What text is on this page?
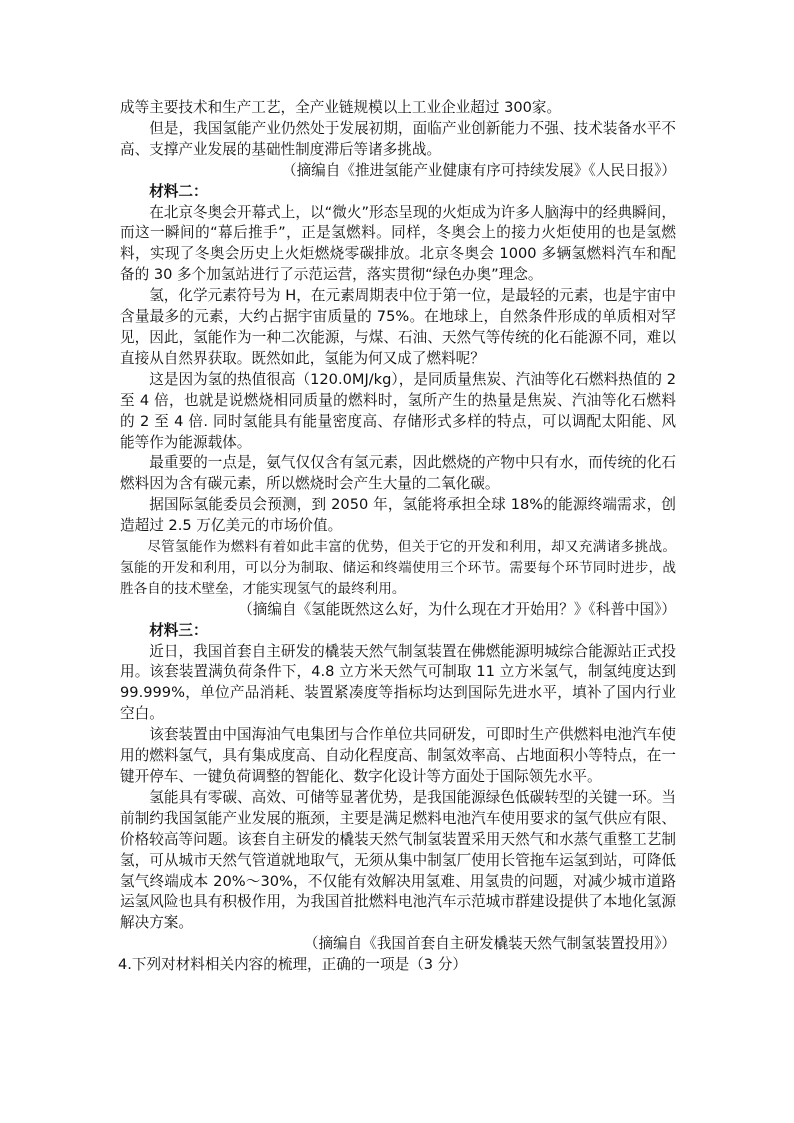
成等主要技术和生产工艺，全产业链规模以上工业企业超过 300家。

但是，我国氢能产业仍然处于发展初期，面临产业创新能力不强、技术装备水平不高、支撑产业发展的基础性制度滞后等诸多挑战。

（摘编自《推进氢能产业健康有序可持续发展》《人民日报》）

材料二：

在北京冬奥会开幕式上，以“微火”形态呈现的火炬成为许多人脑海中的经典瞬间，而这一瞬间的“幕后推手”，正是氢燃料。同样，冬奥会上的接力火炬使用的也是氢燃料，实现了冬奥会历史上火炬燃烧零碳排放。北京冬奥会 1000 多辆氢燃料汽车和配备的 30 多个加氢站进行了示范运营，落实贯彻“绿色办奥”理念。

氢，化学元素符号为 H，在元素周期表中位于第一位，是最轻的元素，也是宇宙中含量最多的元素，大约占据宇宙质量的 75%。在地球上，自然条件形成的单质相对罕见，因此，氢能作为一种二次能源，与煤、石油、天然气等传统的化石能源不同，难以直接从自然界获取。既然如此，氢能为何又成了燃料呢？

这是因为氢的热值很高（120.0MJ/kg），是同质量焦炭、汽油等化石燃料热值的 2 至 4 倍，也就是说燃烧相同质量的燃料时，氢所产生的热量是焦炭、汽油等化石燃料的 2 至 4 倍. 同时氢能具有能量密度高、存储形式多样的特点，可以调配太阳能、风能等作为能源载体。

最重要的一点是，氨气仅仅含有氢元素，因此燃烧的产物中只有水，而传统的化石燃料因为含有碳元素，所以燃烧时会产生大量的二氧化碳。

据国际氢能委员会预测，到 2050 年，氢能将承担全球 18%的能源终端需求，创造超过 2.5 万亿美元的市场价值。

尽管氢能作为燃料有着如此丰富的优势，但关于它的开发和利用，却又充满诸多挑战。氢能的开发和利用，可以分为制取、储运和终端使用三个环节。需要每个环节同时进步，战胜各自的技术壁垒，才能实现氢气的最终利用。

（摘编自《氢能既然这么好，为什么现在才开始用？》《科普中国》）

材料三：

近日，我国首套自主研发的橇装天然气制氢装置在佛燃能源明城综合能源站正式投用。该套装置满负荷条件下，4.8 立方米天然气可制取 11 立方米氢气，制氢纯度达到 99.999%，单位产品消耗、装置紧凑度等指标均达到国际先进水平，填补了国内行业空白。

该套装置由中国海油气电集团与合作单位共同研发，可即时生产供燃料电池汽车使用的燃料氢气，具有集成度高、自动化程度高、制氢效率高、占地面积小等特点，在一键开停车、一键负荷调整的智能化、数字化设计等方面处于国际领先水平。

氢能具有零碳、高效、可储等显著优势，是我国能源绿色低碳转型的关键一环。当前制约我国氢能产业发展的瓶颈，主要是满足燃料电池汽车使用要求的氢气供应有限、价格较高等问题。该套自主研发的橇装天然气制氢装置采用天然气和水蒸气重整工艺制氢，可从城市天然气管道就地取气，无须从集中制氢厂使用长管拖车运氢到站，可降低氢气终端成本 20%～30%，不仅能有效解决用氢难、用氢贵的问题，对减少城市道路运氢风险也具有积极作用，为我国首批燃料电池汽车示范城市群建设提供了本地化氢源解决方案。

（摘编自《我国首套自主研发橇装天然气制氢装置投用》）

4.下列对材料相关内容的梳理，正确的一项是（3 分）
